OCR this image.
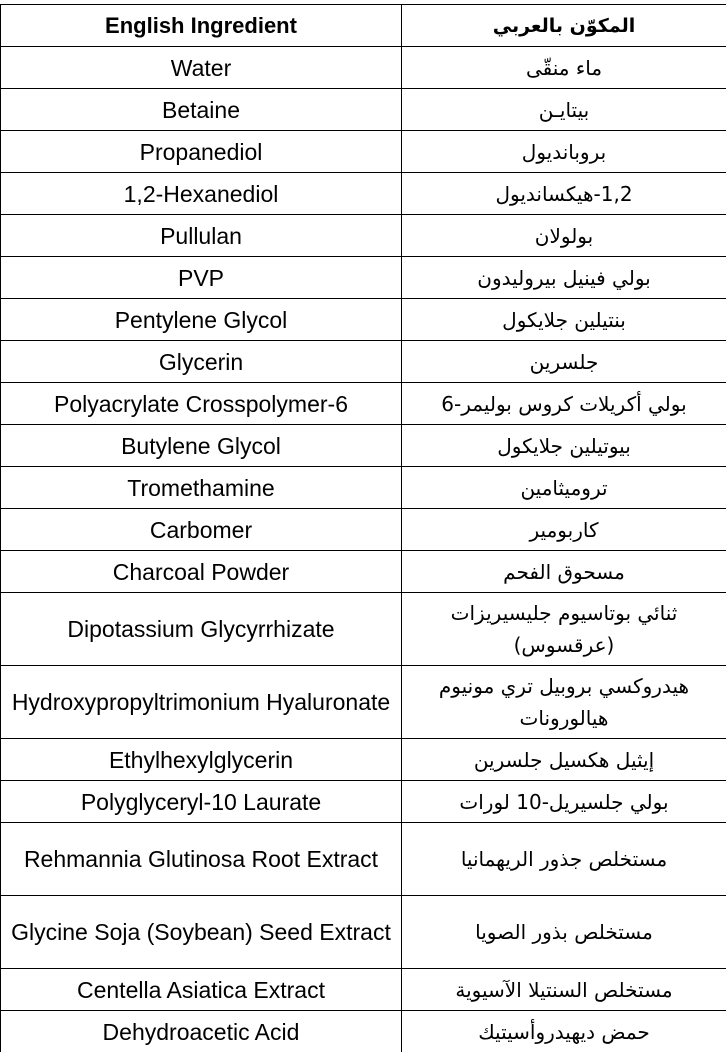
English Ingredient	المكوّن بالعربي
Water	ماء منقّى
Betaine	بيتايـن
Propanediol	بروباندیول
1,2-Hexanediol	1,2-هيكسانديول
Pullulan	بولولان
PVP	بولي فينيل بيروليدون
Pentylene Glycol	بنتيلين جلايكول
Glycerin	جلسرين
Polyacrylate Crosspolymer-6	بولي أكريلات كروس بوليمر-6
Butylene Glycol	بيوتيلين جلايكول
Tromethamine	ترومیثامین
Carbomer	كاربومير
Charcoal Powder	مسحوق الفحم
Dipotassium Glycyrrhizate	ثنائي بوتاسيوم جليسيريزات (عرقسوس)
Hydroxypropyltrimonium Hyaluronate	هيدروكسي بروبيل تري مونيوم هيالورونات
Ethylhexylglycerin	إيثيل هكسيل جلسرين
Polyglyceryl-10 Laurate	بولي جلسيريل-10 لورات
Rehmannia Glutinosa Root Extract	مستخلص جذور الريهمانيا
Glycine Soja (Soybean) Seed Extract	مستخلص بذور الصويا
Centella Asiatica Extract	مستخلص السنتيلا الآسيوية
Dehydroacetic Acid	حمض ديهيدروأسيتيك
